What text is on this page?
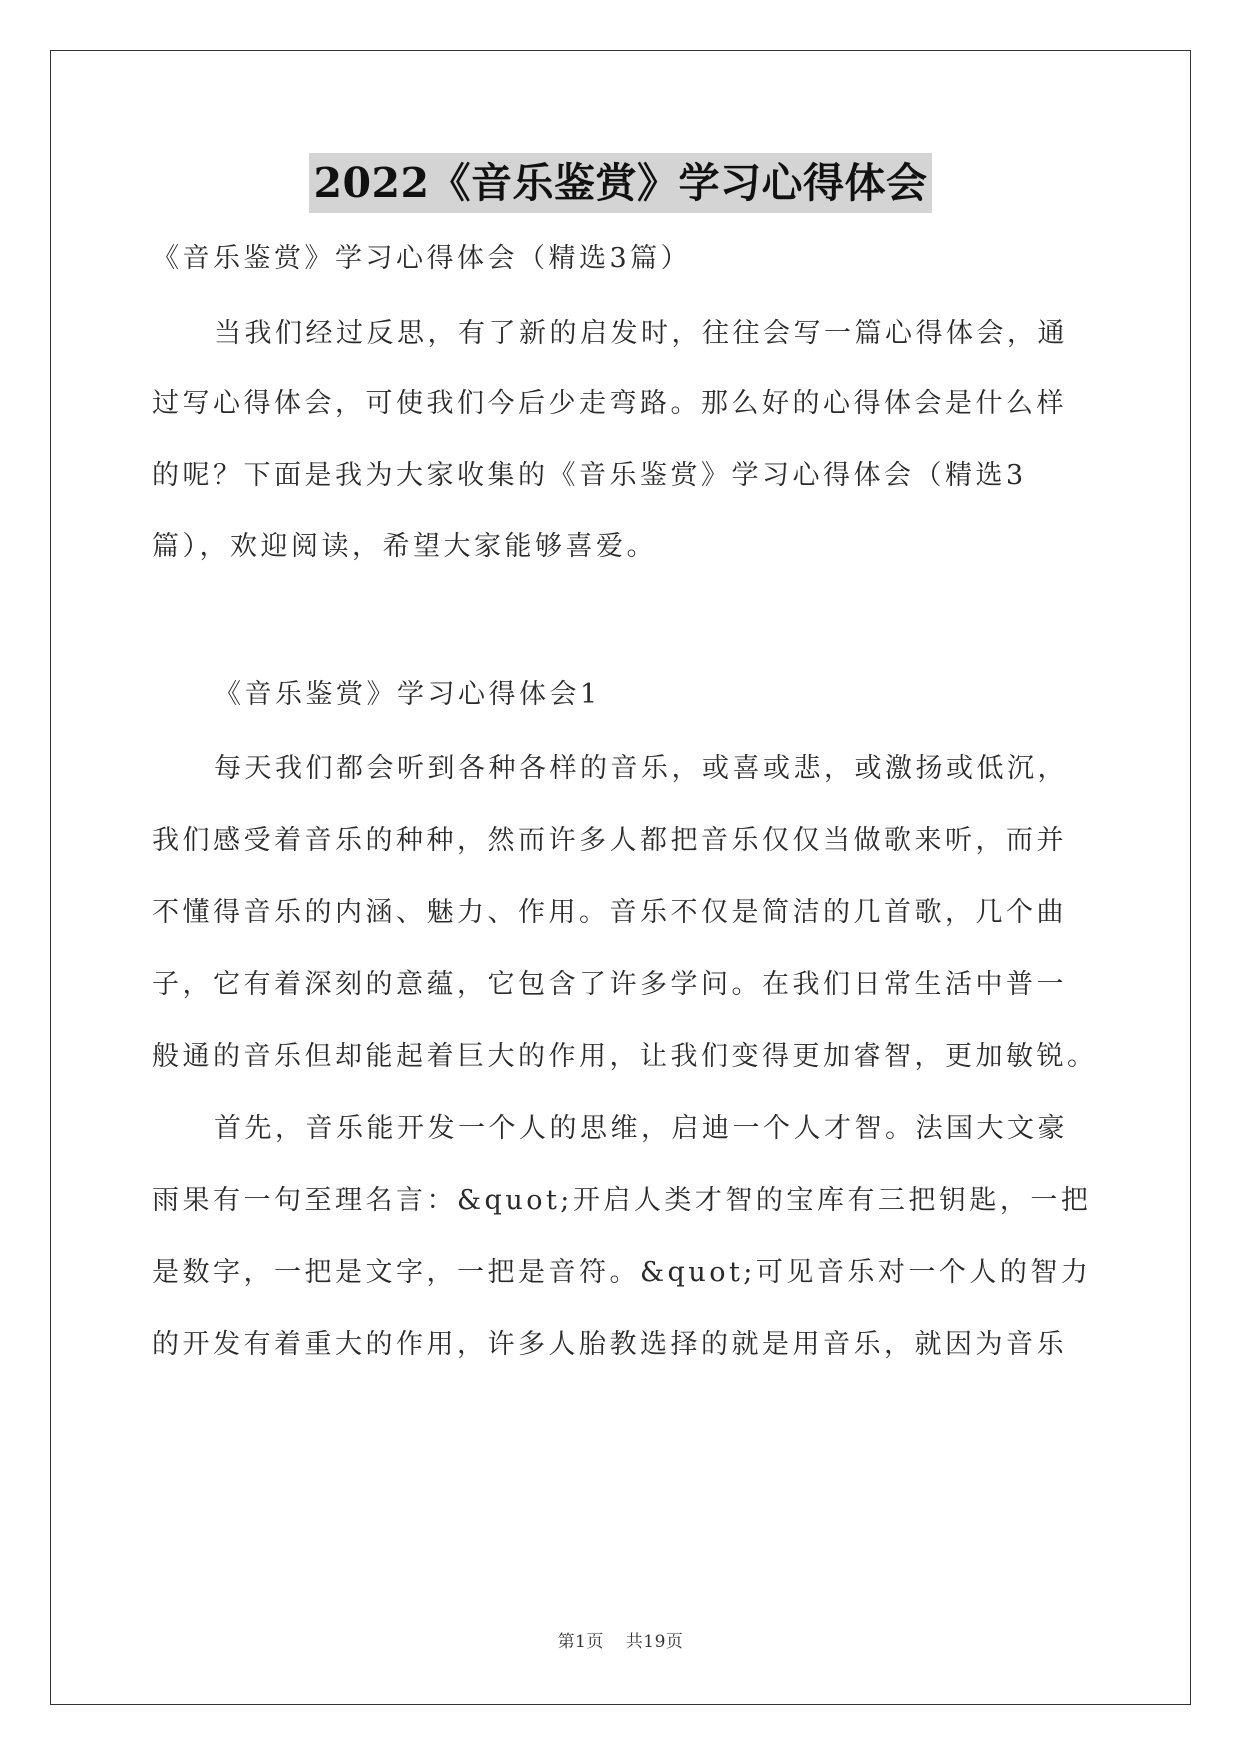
2022《音乐鉴赏》学习心得体会
《音乐鉴赏》学习心得体会（精选3篇）
当我们经过反思，有了新的启发时，往往会写一篇心得体会，通
过写心得体会，可使我们今后少走弯路。那么好的心得体会是什么样
的呢？下面是我为大家收集的《音乐鉴赏》学习心得体会（精选3
篇），欢迎阅读，希望大家能够喜爱。
《音乐鉴赏》学习心得体会1
每天我们都会听到各种各样的音乐，或喜或悲，或激扬或低沉，
我们感受着音乐的种种，然而许多人都把音乐仅仅当做歌来听，而并
不懂得音乐的内涵、魅力、作用。音乐不仅是简洁的几首歌，几个曲
子，它有着深刻的意蕴，它包含了许多学问。在我们日常生活中普一
般通的音乐但却能起着巨大的作用，让我们变得更加睿智，更加敏锐。
首先，音乐能开发一个人的思维，启迪一个人才智。法国大文豪
雨果有一句至理名言：&quot;开启人类才智的宝库有三把钥匙，一把
是数字，一把是文字，一把是音符。&quot;可见音乐对一个人的智力
的开发有着重大的作用，许多人胎教选择的就是用音乐，就因为音乐
第1页 共19页
